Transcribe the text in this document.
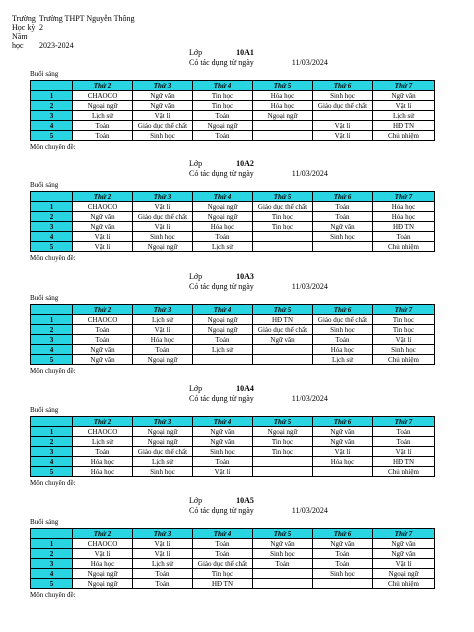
Trường Trường THPT Nguyễn Thông
Học kỳ 2
Năm học 2023-2024
Lớp	10A1
Có tác dụng từ ngày	11/03/2024
Buổi sáng
	Thứ 2	Thứ 3	Thứ 4	Thứ 5	Thứ 6	Thứ 7
1	CHAOCO	Ngữ văn	Tin học	Hóa học	Sinh học	Ngữ văn
2	Ngoại ngữ	Ngữ văn	Tin học	Hóa học	Giáo dục thể chất	Vật lí
3	Lịch sử	Vật lí	Toán	Ngoại ngữ		Lịch sử
4	Toán	Giáo dục thể chất	Ngoại ngữ		Vật lí	HĐ TN
5	Toán	Sinh học	Toán		Vật lí	Chủ nhiệm
Môn chuyên đề:
Lớp	10A2
Có tác dụng từ ngày	11/03/2024
Buổi sáng
	Thứ 2	Thứ 3	Thứ 4	Thứ 5	Thứ 6	Thứ 7
1	CHAOCO	Vật lí	Ngoại ngữ	Giáo dục thể chất	Toán	Hóa học
2	Ngữ văn	Giáo dục thể chất	Ngoại ngữ	Tin học	Toán	Hóa học
3	Ngữ văn	Vật lí	Hóa học	Tin học	Ngữ văn	HĐ TN
4	Vật lí	Sinh học	Toán		Sinh học	Toán
5	Vật lí	Ngoại ngữ	Lịch sử			Chủ nhiệm
Môn chuyên đề:
Lớp	10A3
Có tác dụng từ ngày	11/03/2024
Buổi sáng
	Thứ 2	Thứ 3	Thứ 4	Thứ 5	Thứ 6	Thứ 7
1	CHAOCO	Lịch sử	Ngoại ngữ	HĐ TN	Giáo dục thể chất	Tin học
2	Toán	Vật lí	Ngoại ngữ	Giáo dục thể chất	Sinh học	Tin học
3	Toán	Hóa học	Toán	Ngữ văn	Toán	Vật lí
4	Ngữ văn	Toán	Lịch sử		Hóa học	Sinh học
5	Ngữ văn	Ngoại ngữ			Lịch sử	Chủ nhiệm
Môn chuyên đề:
Lớp	10A4
Có tác dụng từ ngày	11/03/2024
Buổi sáng
	Thứ 2	Thứ 3	Thứ 4	Thứ 5	Thứ 6	Thứ 7
1	CHAOCO	Ngoại ngữ	Ngữ văn	Ngoại ngữ	Ngữ văn	Toán
2	Lịch sử	Ngoại ngữ	Ngữ văn	Tin học	Ngữ văn	Toán
3	Toán	Giáo dục thể chất	Sinh học	Tin học	Vật lí	Vật lí
4	Hóa học	Lịch sử	Toán		Hóa học	HĐ TN
5	Hóa học	Sinh học	Vật lí			Chủ nhiệm
Môn chuyên đề:
Lớp	10A5
Có tác dụng từ ngày	11/03/2024
Buổi sáng
	Thứ 2	Thứ 3	Thứ 4	Thứ 5	Thứ 6	Thứ 7
1	CHAOCO	Vật lí	Toán	Ngữ văn	Ngữ văn	Ngữ văn
2	Vật lí	Vật lí	Toán	Sinh học	Toán	Ngữ văn
3	Hóa học	Lịch sử	Giáo dục thể chất	Toán	Toán	Vật lí
4	Ngoại ngữ	Toán	Tin học		Sinh học	Ngoại ngữ
5	Ngoại ngữ	Toán	HĐ TN			Chủ nhiệm
Môn chuyên đề:
